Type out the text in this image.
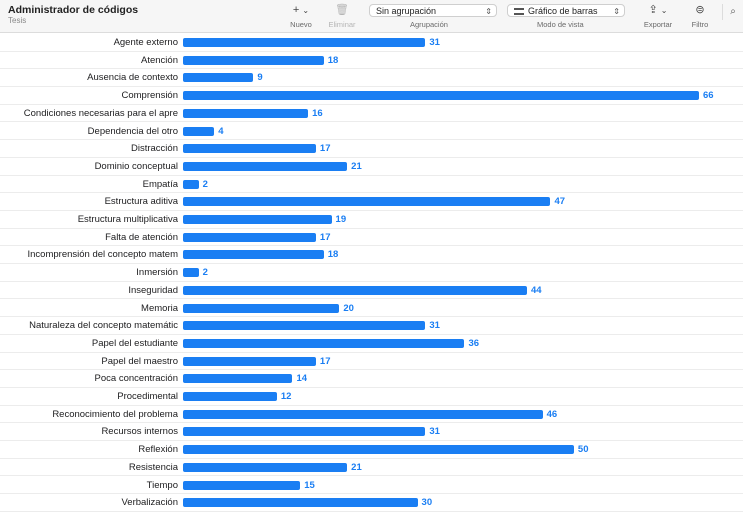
Administrador de códigos
Tesis
+ ⌄
Nuevo
🗑
Eliminar
Sin agrupación	⇕
Agrupación
Gráfico de barras ⇕
Modo de vista
⇪ ⌄
Exportar
⊜
Filtro
⌕
Agente externo	31
Atención	18
Ausencia de contexto	9
Comprensión	66
Condiciones necesarias para el apre	16
Dependencia del otro	4
Distracción	17
Dominio conceptual	21
Empatía	2
Estructura aditiva	47
Estructura multiplicativa	19
Falta de atención	17
Incomprensión del concepto matem	18
Inmersión	2
Inseguridad	44
Memoria	20
Naturaleza del concepto matemátic	31
Papel del estudiante	36
Papel del maestro	17
Poca concentración	14
Procedimental	12
Reconocimiento del problema	46
Recursos internos	31
Reflexión	50
Resistencia	21
Tiempo	15
Verbalización	30
